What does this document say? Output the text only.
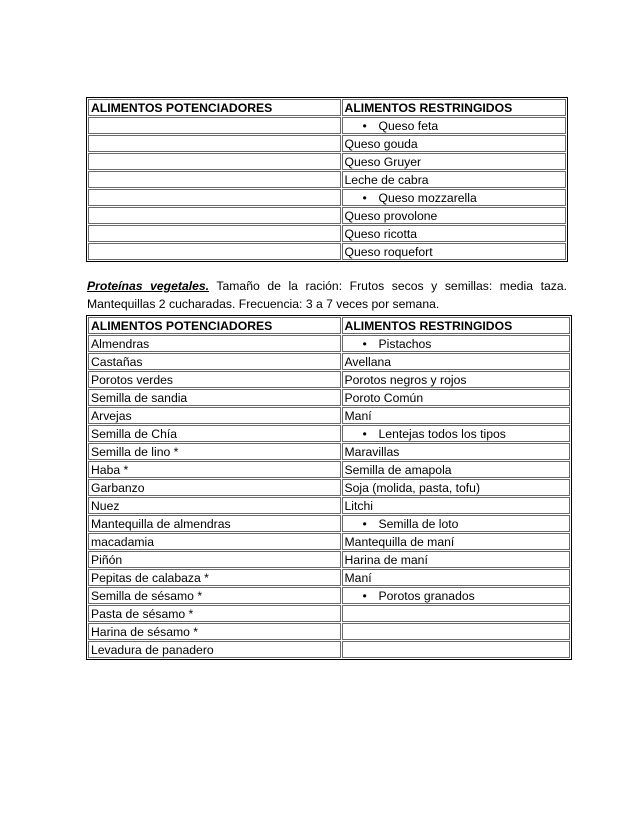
ALIMENTOS POTENCIADORES	ALIMENTOS RESTRINGIDOS
	• Queso feta
	Queso gouda
	Queso Gruyer
	Leche de cabra
	• Queso mozzarella
	Queso provolone
	Queso ricotta
	Queso roquefort
Proteínas vegetales. Tamaño de la ración: Frutos secos y semillas: media taza. Mantequillas 2 cucharadas. Frecuencia: 3 a 7 veces por semana.
ALIMENTOS POTENCIADORES	ALIMENTOS RESTRINGIDOS
Almendras	• Pistachos
Castañas	Avellana
Porotos verdes	Porotos negros y rojos
Semilla de sandia	Poroto Común
Arvejas	Maní
Semilla de Chía	• Lentejas todos los tipos
Semilla de lino *	Maravillas
Haba *	Semilla de amapola
Garbanzo	Soja (molida, pasta, tofu)
Nuez	Litchi
Mantequilla de almendras	• Semilla de loto
macadamia	Mantequilla de maní
Piñón	Harina de maní
Pepitas de calabaza *	Maní
Semilla de sésamo *	• Porotos granados
Pasta de sésamo *	
Harina de sésamo *	
Levadura de panadero	
